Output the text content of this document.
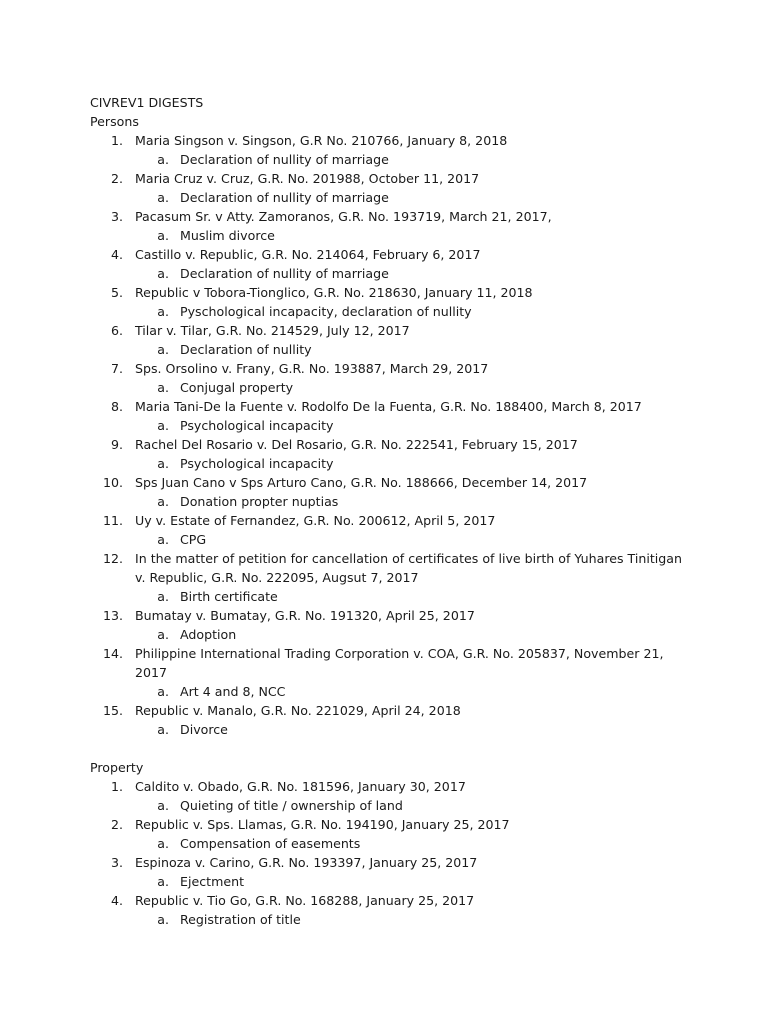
CIVREV1 DIGESTS

Persons

1. Maria Singson v. Singson, G.R No. 210766, January 8, 2018
a. Declaration of nullity of marriage
2. Maria Cruz v. Cruz, G.R. No. 201988, October 11, 2017
a. Declaration of nullity of marriage
3. Pacasum Sr. v Atty. Zamoranos, G.R. No. 193719, March 21, 2017,
a. Muslim divorce
4. Castillo v. Republic, G.R. No. 214064, February 6, 2017
a. Declaration of nullity of marriage
5. Republic v Tobora-Tionglico, G.R. No. 218630, January 11, 2018
a. Pyschological incapacity, declaration of nullity
6. Tilar v. Tilar, G.R. No. 214529, July 12, 2017
a. Declaration of nullity
7. Sps. Orsolino v. Frany, G.R. No. 193887, March 29, 2017
a. Conjugal property
8. Maria Tani-De la Fuente v. Rodolfo De la Fuenta, G.R. No. 188400, March 8, 2017
a. Psychological incapacity
9. Rachel Del Rosario v. Del Rosario, G.R. No. 222541, February 15, 2017
a. Psychological incapacity
10. Sps Juan Cano v Sps Arturo Cano, G.R. No. 188666, December 14, 2017
a. Donation propter nuptias
11. Uy v. Estate of Fernandez, G.R. No. 200612, April 5, 2017
a. CPG
12. In the matter of petition for cancellation of certificates of live birth of Yuhares Tinitigan v. Republic, G.R. No. 222095, Augsut 7, 2017
a. Birth certificate
13. Bumatay v. Bumatay, G.R. No. 191320, April 25, 2017
a. Adoption
14. Philippine International Trading Corporation v. COA, G.R. No. 205837, November 21, 2017
a. Art 4 and 8, NCC
15. Republic v. Manalo, G.R. No. 221029, April 24, 2018
a. Divorce

Property

1. Caldito v. Obado, G.R. No. 181596, January 30, 2017
a. Quieting of title / ownership of land
2. Republic v. Sps. Llamas, G.R. No. 194190, January 25, 2017
a. Compensation of easements
3. Espinoza v. Carino, G.R. No. 193397, January 25, 2017
a. Ejectment
4. Republic v. Tio Go, G.R. No. 168288, January 25, 2017
a. Registration of title
